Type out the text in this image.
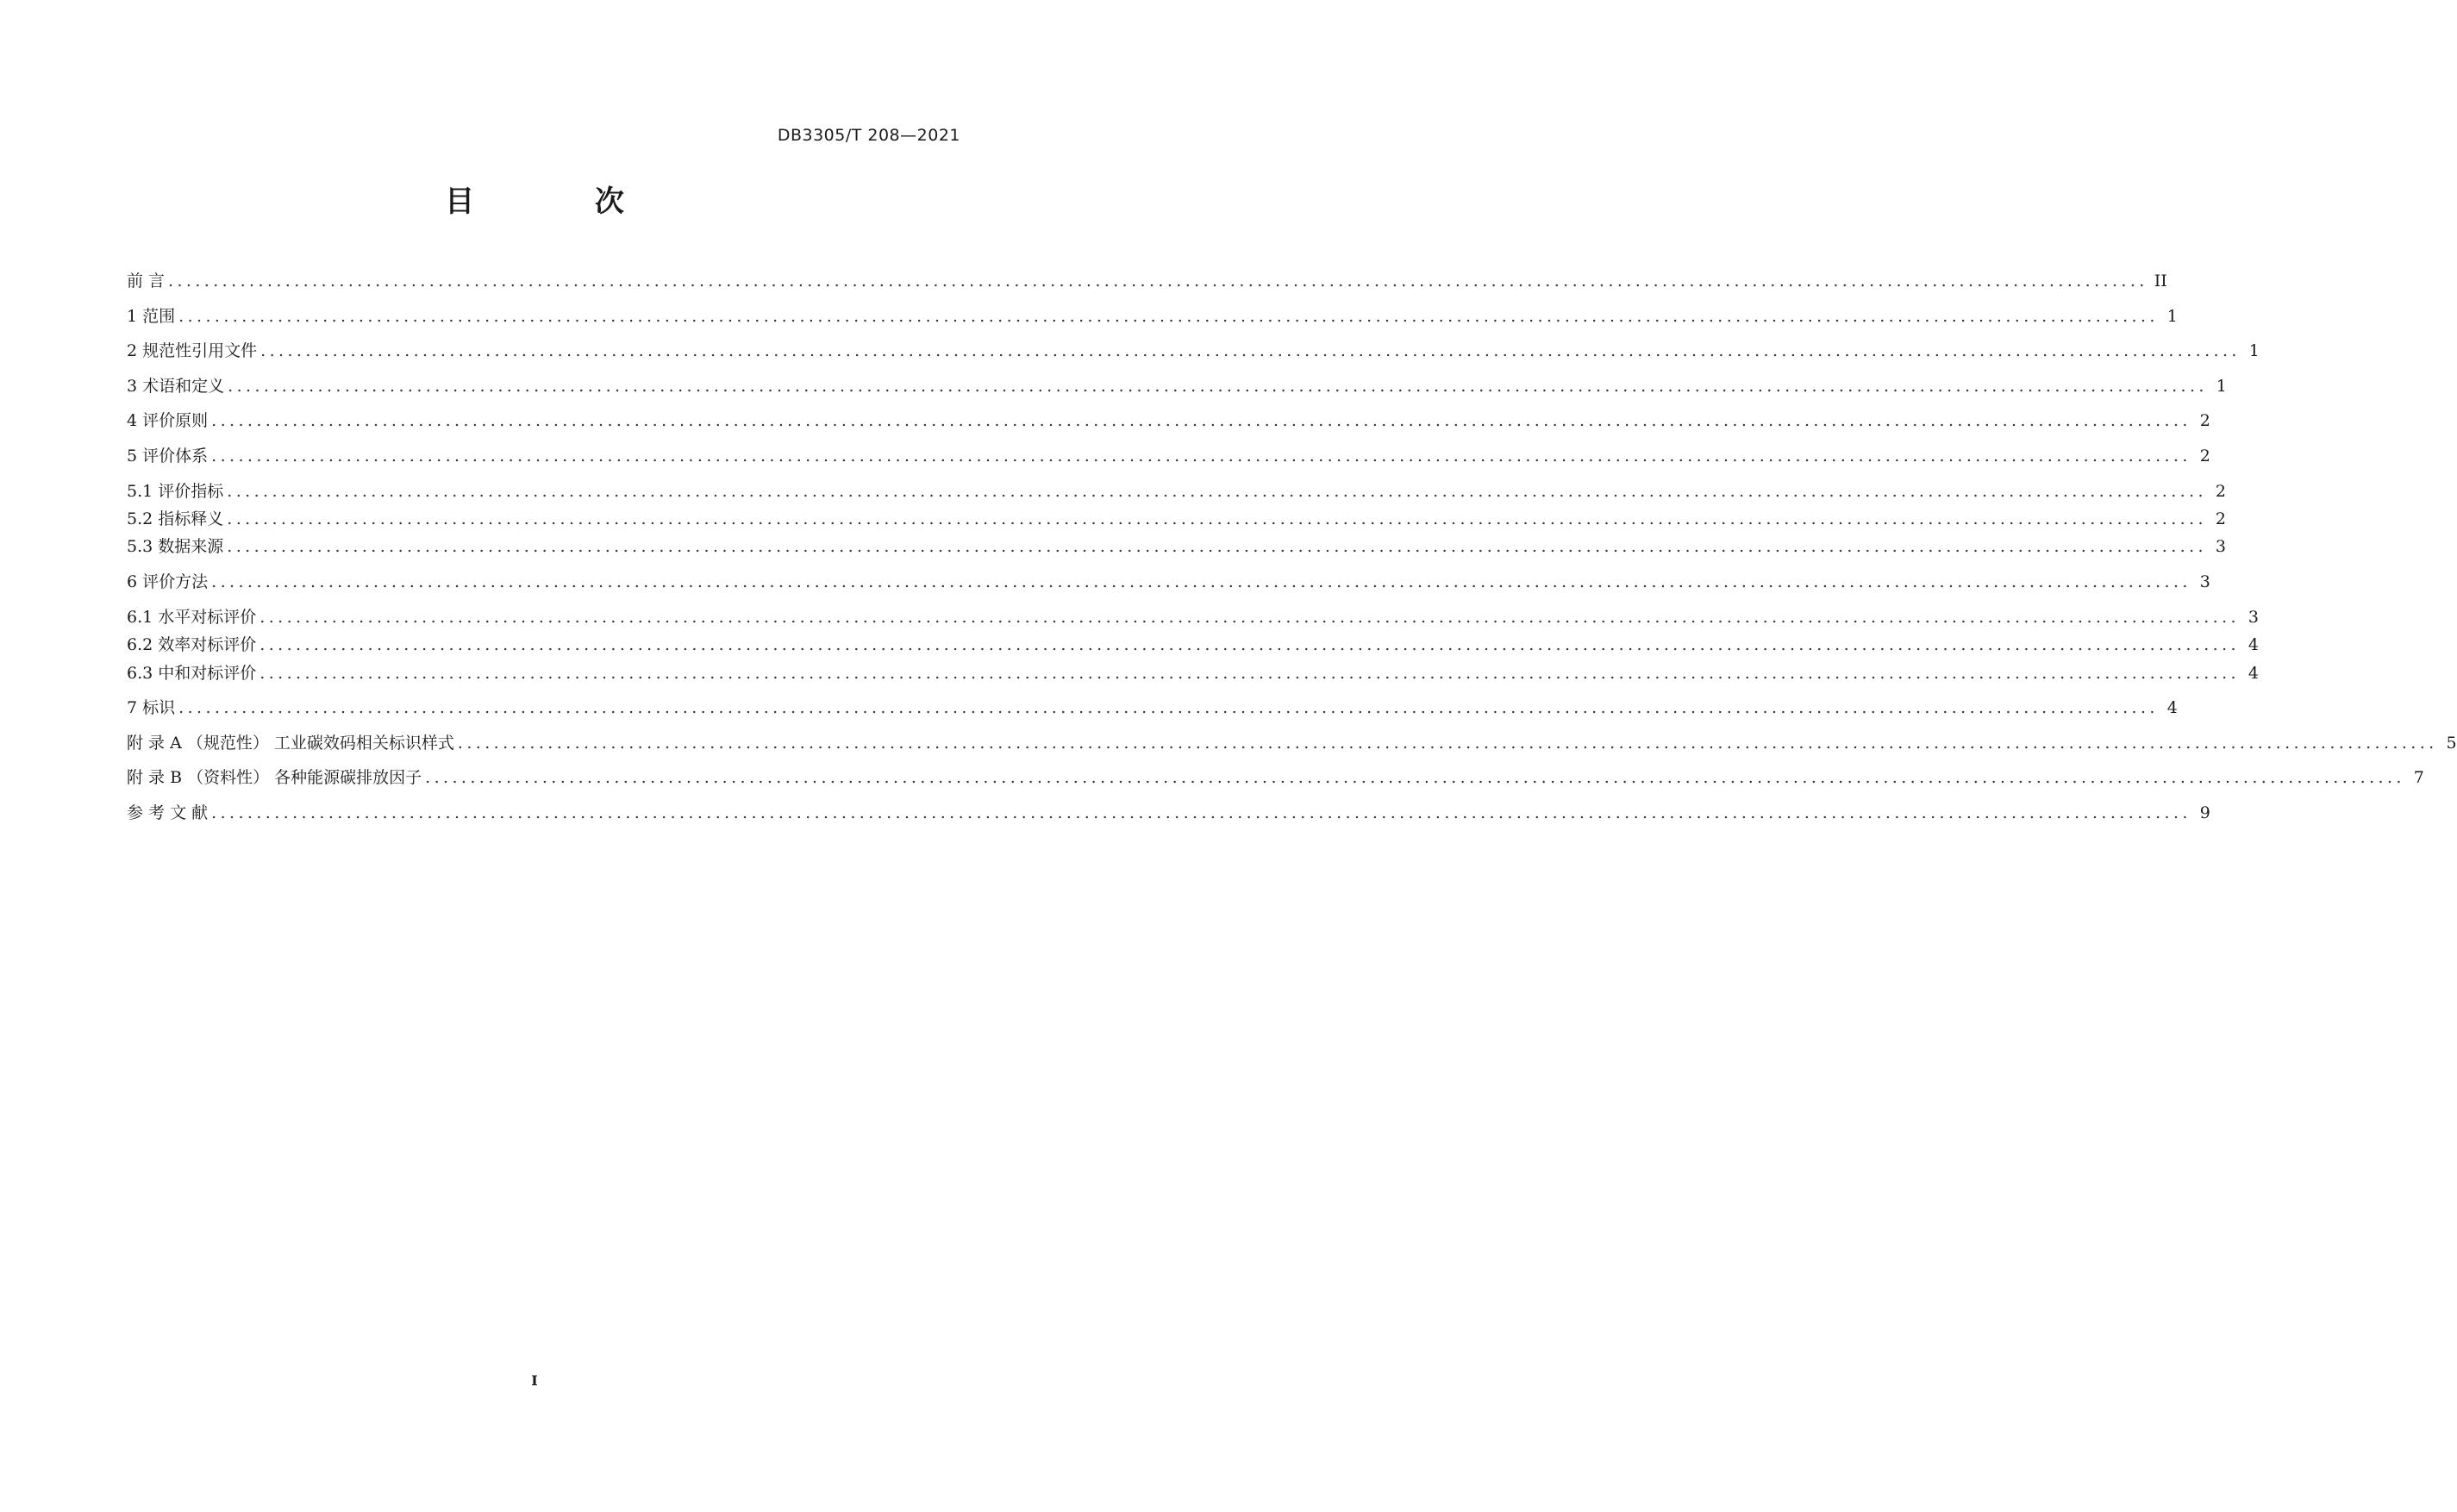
DB3305/T 208—2021
目 次
前 言 ............................................................................................................................................................................................................................ II
1 范围 ............................................................................................................................................................................................................................ 1
2 规范性引用文件 ............................................................................................................................................................................................................................ 1
3 术语和定义 ............................................................................................................................................................................................................................ 1
4 评价原则 ............................................................................................................................................................................................................................ 2
5 评价体系 ............................................................................................................................................................................................................................ 2
5.1 评价指标 ............................................................................................................................................................................................................................ 2
5.2 指标释义 ............................................................................................................................................................................................................................ 2
5.3 数据来源 ............................................................................................................................................................................................................................ 3
6 评价方法 ............................................................................................................................................................................................................................ 3
6.1 水平对标评价 ............................................................................................................................................................................................................................ 3
6.2 效率对标评价 ............................................................................................................................................................................................................................ 4
6.3 中和对标评价 ............................................................................................................................................................................................................................ 4
7 标识 ............................................................................................................................................................................................................................ 4
附 录 A （规范性） 工业碳效码相关标识样式 ............................................................................................................................................................................................................................ 5
附 录 B （资料性） 各种能源碳排放因子 ............................................................................................................................................................................................................................ 7
参 考 文 献 ............................................................................................................................................................................................................................ 9
I
